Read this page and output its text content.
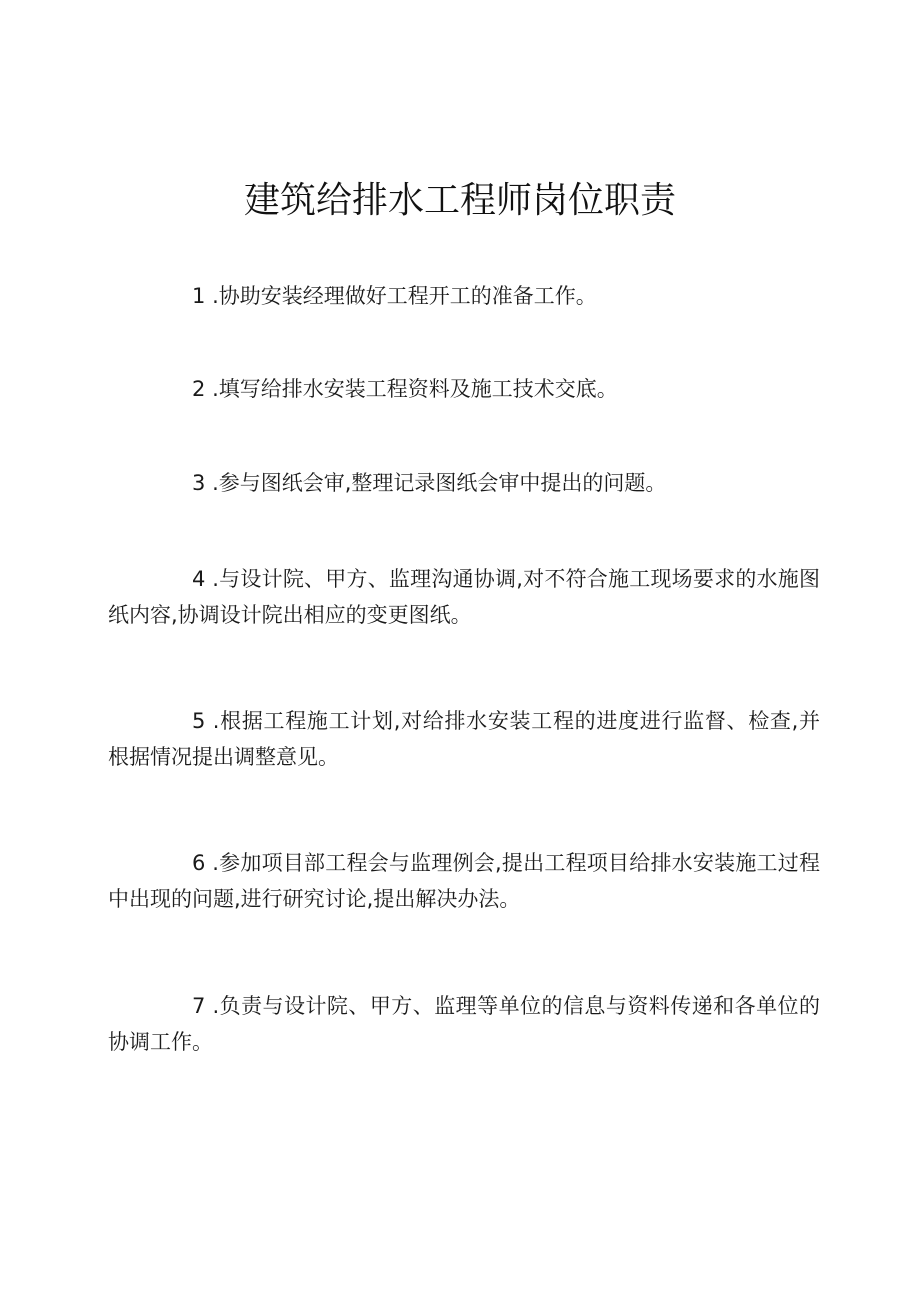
建筑给排水工程师岗位职责
1 .协助安装经理做好工程开工的准备工作。
2 .填写给排水安装工程资料及施工技术交底。
3 .参与图纸会审,整理记录图纸会审中提出的问题。
4 .与设计院、甲方、监理沟通协调,对不符合施工现场要求的水施图纸内容,协调设计院出相应的变更图纸。
5 .根据工程施工计划,对给排水安装工程的进度进行监督、检查,并根据情况提出调整意见。
6 .参加项目部工程会与监理例会,提出工程项目给排水安装施工过程中出现的问题,进行研究讨论,提出解决办法。
7 .负责与设计院、甲方、监理等单位的信息与资料传递和各单位的协调工作。
